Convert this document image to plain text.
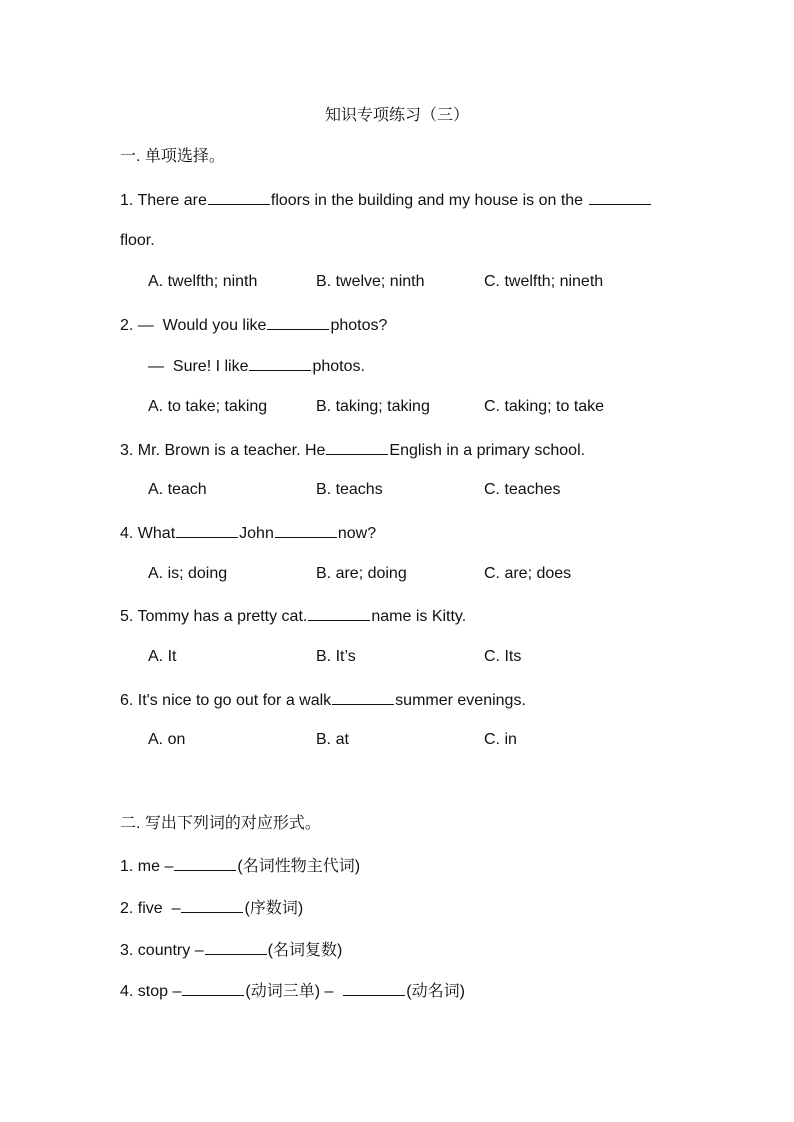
知识专项练习（三）
一. 单项选择。
1. There are	floors in the building and my house is on the
floor.
A. twelfth; ninth	B. twelve; ninth	C. twelfth; nineth
2. —  Would you like	photos?
—  Sure! I like	photos.
A. to take; taking	B. taking; taking	C. taking; to take
3. Mr. Brown is a teacher. He	English in a primary school.
A. teach	B. teachs	C. teaches
4. What	John	now?
A. is; doing	B. are; doing	C. are; does
5. Tommy has a pretty cat.	name is Kitty.
A. It	B. It’s	C. Its
6. It's nice to go out for a walk	summer evenings.
A. on	B. at	C. in
二. 写出下列词的对应形式。
1. me –	(名词性物主代词)
2. five  –	(序数词)
3. country –	(名词复数)
4. stop –	(动词三单) –	(动名词)
